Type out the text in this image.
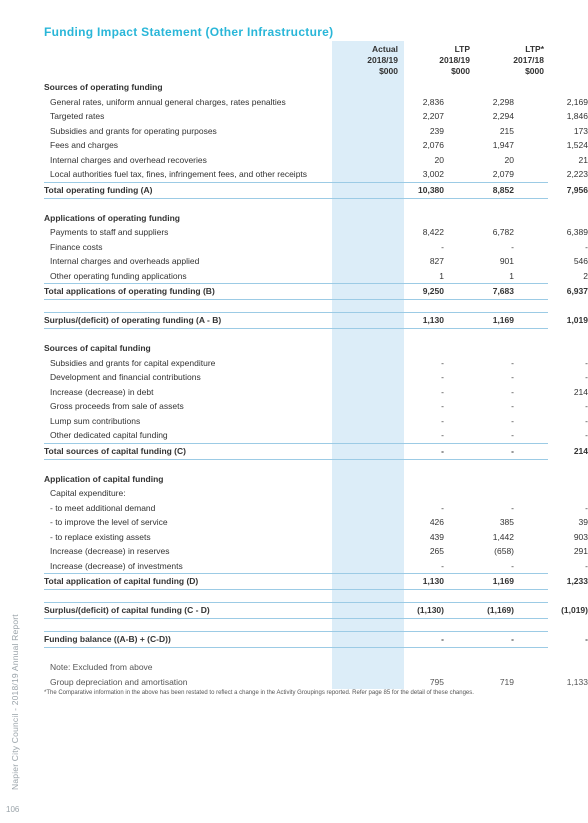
Funding Impact Statement (Other Infrastructure)
Actual
2018/19
$000
LTP
2018/19
$000
LTP*
2017/18
$000
Sources of operating funding
General rates, uniform annual general charges, rates penalties	2,836	2,298	2,169
Targeted rates	2,207	2,294	1,846
Subsidies and grants for operating purposes	239	215	173
Fees and charges	2,076	1,947	1,524
Internal charges and overhead recoveries	20	20	21
Local authorities fuel tax, fines, infringement fees, and other receipts	3,002	2,079	2,223
Total operating funding (A)	10,380	8,852	7,956
Applications of operating funding
Payments to staff and suppliers	8,422	6,782	6,389
Finance costs	-	-	-
Internal charges and overheads applied	827	901	546
Other operating funding applications	1	1	2
Total applications of operating funding (B)	9,250	7,683	6,937
Surplus/(deficit) of operating funding (A - B)	1,130	1,169	1,019
Sources of capital funding
Subsidies and grants for capital expenditure	-	-	-
Development and financial contributions	-	-	-
Increase (decrease) in debt	-	-	214
Gross proceeds from sale of assets	-	-	-
Lump sum contributions	-	-	-
Other dedicated capital funding	-	-	-
Total sources of capital funding (C)	-	-	214
Application of capital funding
Capital expenditure:
- to meet additional demand	-	-	-
- to improve the level of service	426	385	39
- to replace existing assets	439	1,442	903
Increase (decrease) in reserves	265	(658)	291
Increase (decrease) of investments	-	-	-
Total application of capital funding (D)	1,130	1,169	1,233
Surplus/(deficit) of capital funding (C - D)	(1,130)	(1,169)	(1,019)
Funding balance ((A-B) + (C-D))	-	-	-
Note: Excluded from above
Group depreciation and amortisation	795	719	1,133
*The Comparative information in the above has been restated to reflect a change in the Activity Groupings reported. Refer page 85 for the detail of these changes.
Napier City Council - 2018/19 Annual Report
106
